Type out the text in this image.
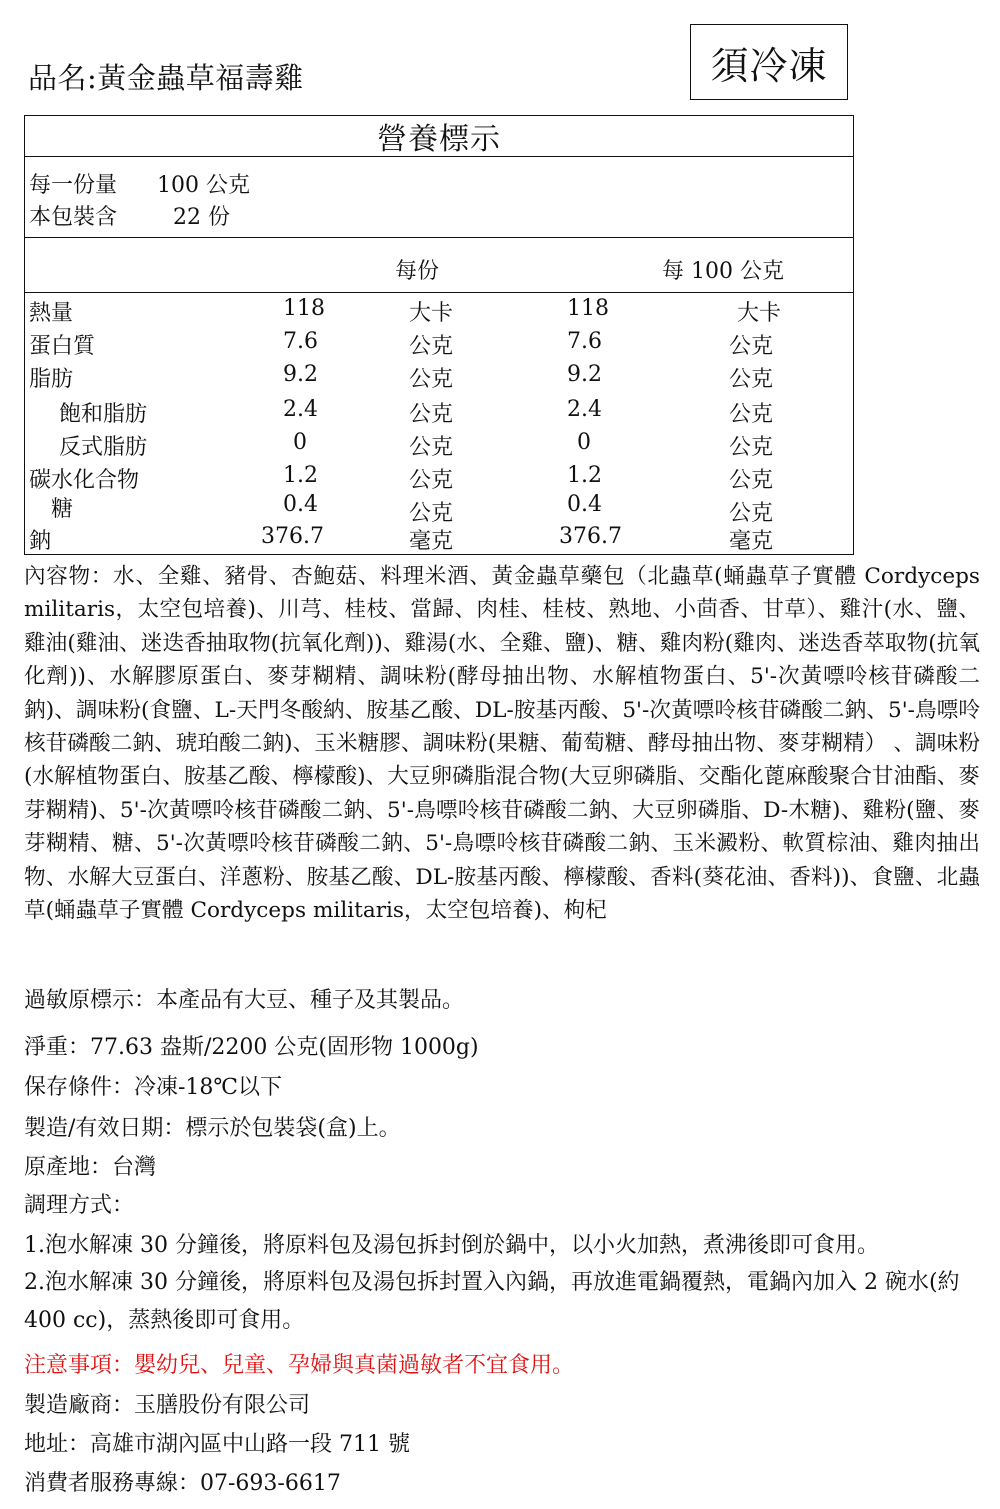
品名:黃金蟲草福壽雞	須冷凍
營養標示
每一份量 100 公克
本包裝含	22 份
每份	每 100 公克
熱量	118	大卡	118	大卡
蛋白質	7.6	公克	7.6	公克
脂肪	9.2	公克	9.2	公克
飽和脂肪	2.4	公克	2.4	公克
反式脂肪	0	公克	0	公克
碳水化合物	1.2	公克	1.2	公克
糖	0.4	公克	0.4	公克
鈉	376.7	毫克	376.7	毫克
內容物：水、全雞、豬骨、杏鮑菇、料理米酒、黃金蟲草藥包（北蟲草(蛹蟲草子實體 Cordyceps militaris，太空包培養)、川芎、桂枝、當歸、肉桂、桂枝、熟地、小茴香、甘草）、雞汁(水、鹽、雞油(雞油、迷迭香抽取物(抗氧化劑))、雞湯(水、全雞、鹽)、糖、雞肉粉(雞肉、迷迭香萃取物(抗氧化劑))、水解膠原蛋白、麥芽糊精、調味粉(酵母抽出物、水解植物蛋白、5'-次黃嘌呤核苷磷酸二鈉)、調味粉(食鹽、L-天門冬酸納、胺基乙酸、DL-胺基丙酸、5'-次黃嘌呤核苷磷酸二鈉、5'-鳥嘌呤核苷磷酸二鈉、琥珀酸二鈉)、玉米糖膠、調味粉(果糖、葡萄糖、酵母抽出物、麥芽糊精） 、調味粉(水解植物蛋白、胺基乙酸、檸檬酸)、大豆卵磷脂混合物(大豆卵磷脂、交酯化蓖麻酸聚合甘油酯、麥芽糊精)、5'-次黃嘌呤核苷磷酸二鈉、5'-鳥嘌呤核苷磷酸二鈉、大豆卵磷脂、D-木糖)、雞粉(鹽、麥芽糊精、糖、5'-次黃嘌呤核苷磷酸二鈉、5'-鳥嘌呤核苷磷酸二鈉、玉米澱粉、軟質棕油、雞肉抽出物、水解大豆蛋白、洋蔥粉、胺基乙酸、DL-胺基丙酸、檸檬酸、香料(葵花油、香料))、食鹽、北蟲草(蛹蟲草子實體 Cordyceps militaris，太空包培養)、枸杞
過敏原標示：本產品有大豆、種子及其製品。
淨重：77.63 盎斯/2200 公克(固形物 1000g)
保存條件：冷凍-18℃以下
製造/有效日期：標示於包裝袋(盒)上。
原產地：台灣
調理方式：
1.泡水解凍 30 分鐘後，將原料包及湯包拆封倒於鍋中，以小火加熱，煮沸後即可食用。
2.泡水解凍 30 分鐘後，將原料包及湯包拆封置入內鍋，再放進電鍋覆熱，電鍋內加入 2 碗水(約 400 cc)，蒸熱後即可食用。
注意事項：嬰幼兒、兒童、孕婦與真菌過敏者不宜食用。
製造廠商：玉膳股份有限公司
地址：高雄市湖內區中山路一段 711 號
消費者服務專線：07-693-6617
